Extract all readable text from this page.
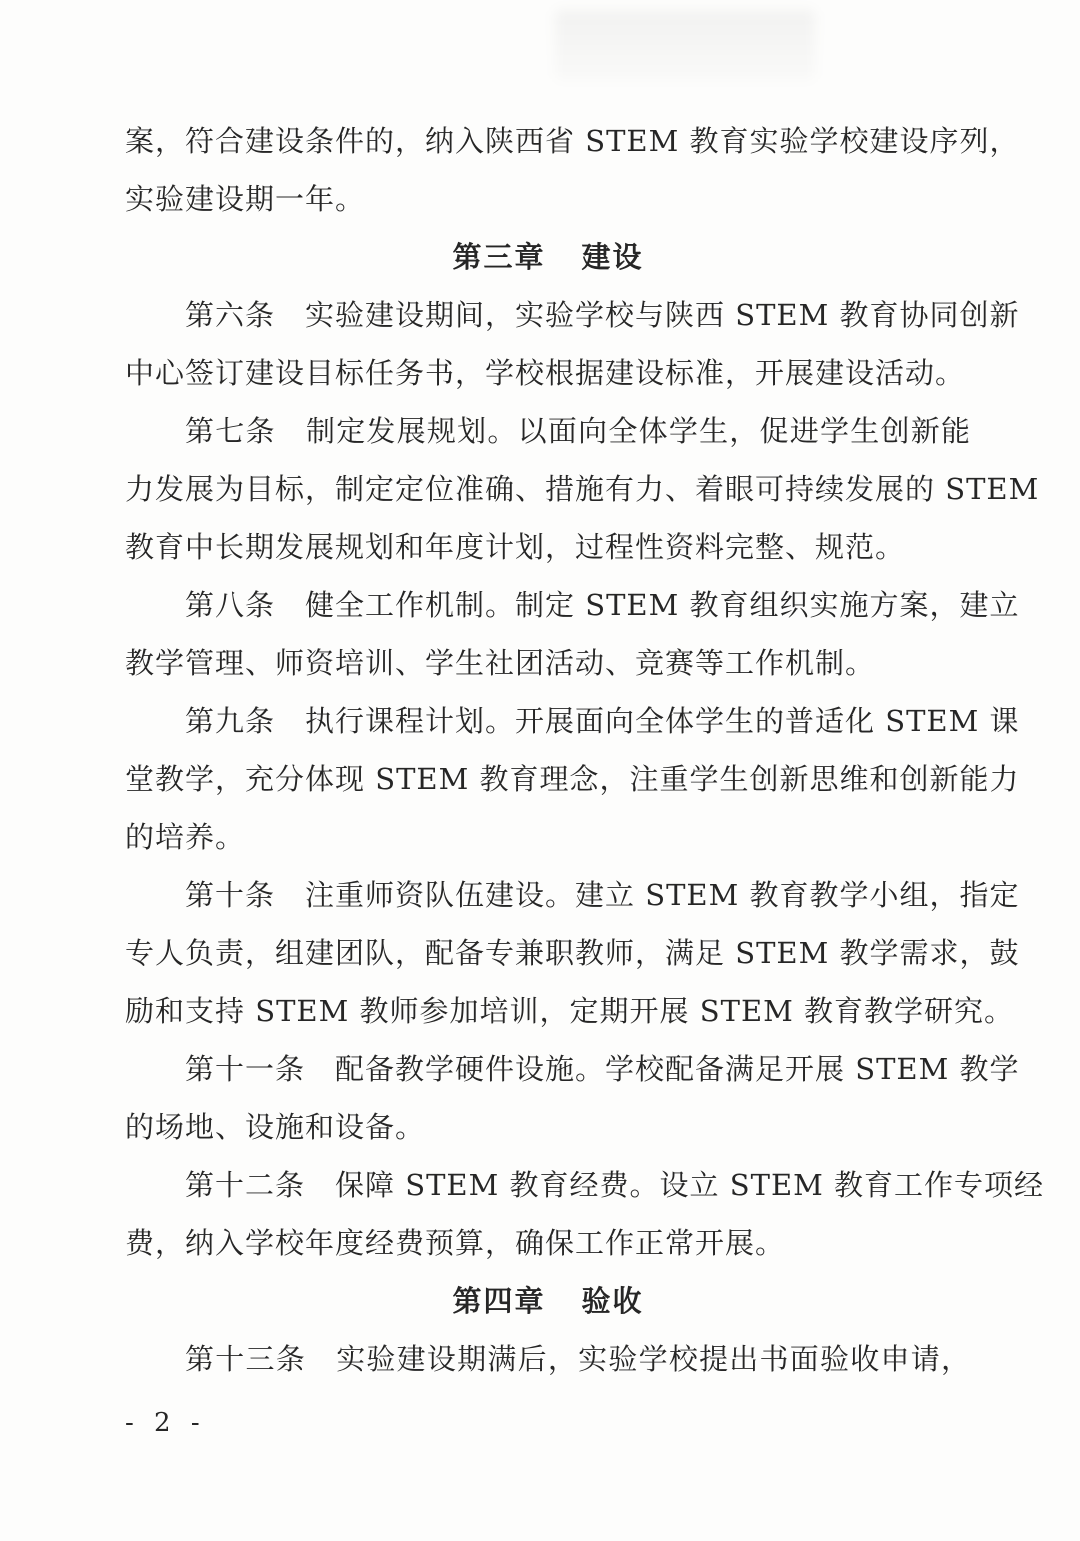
案，符合建设条件的，纳入陕西省 STEM 教育实验学校建设序列，
实验建设期一年。
第三章 建设
第六条　实验建设期间，实验学校与陕西 STEM 教育协同创新
中心签订建设目标任务书，学校根据建设标准，开展建设活动。
第七条　制定发展规划。以面向全体学生，促进学生创新能
力发展为目标，制定定位准确、措施有力、着眼可持续发展的 STEM
教育中长期发展规划和年度计划，过程性资料完整、规范。
第八条　健全工作机制。制定 STEM 教育组织实施方案，建立
教学管理、师资培训、学生社团活动、竞赛等工作机制。
第九条　执行课程计划。开展面向全体学生的普适化 STEM 课
堂教学，充分体现 STEM 教育理念，注重学生创新思维和创新能力
的培养。
第十条　注重师资队伍建设。建立 STEM 教育教学小组，指定
专人负责，组建团队，配备专兼职教师，满足 STEM 教学需求，鼓
励和支持 STEM 教师参加培训，定期开展 STEM 教育教学研究。
第十一条　配备教学硬件设施。学校配备满足开展 STEM 教学
的场地、设施和设备。
第十二条　保障 STEM 教育经费。设立 STEM 教育工作专项经
费，纳入学校年度经费预算，确保工作正常开展。
第四章 验收
第十三条　实验建设期满后，实验学校提出书面验收申请，
- 2 -
